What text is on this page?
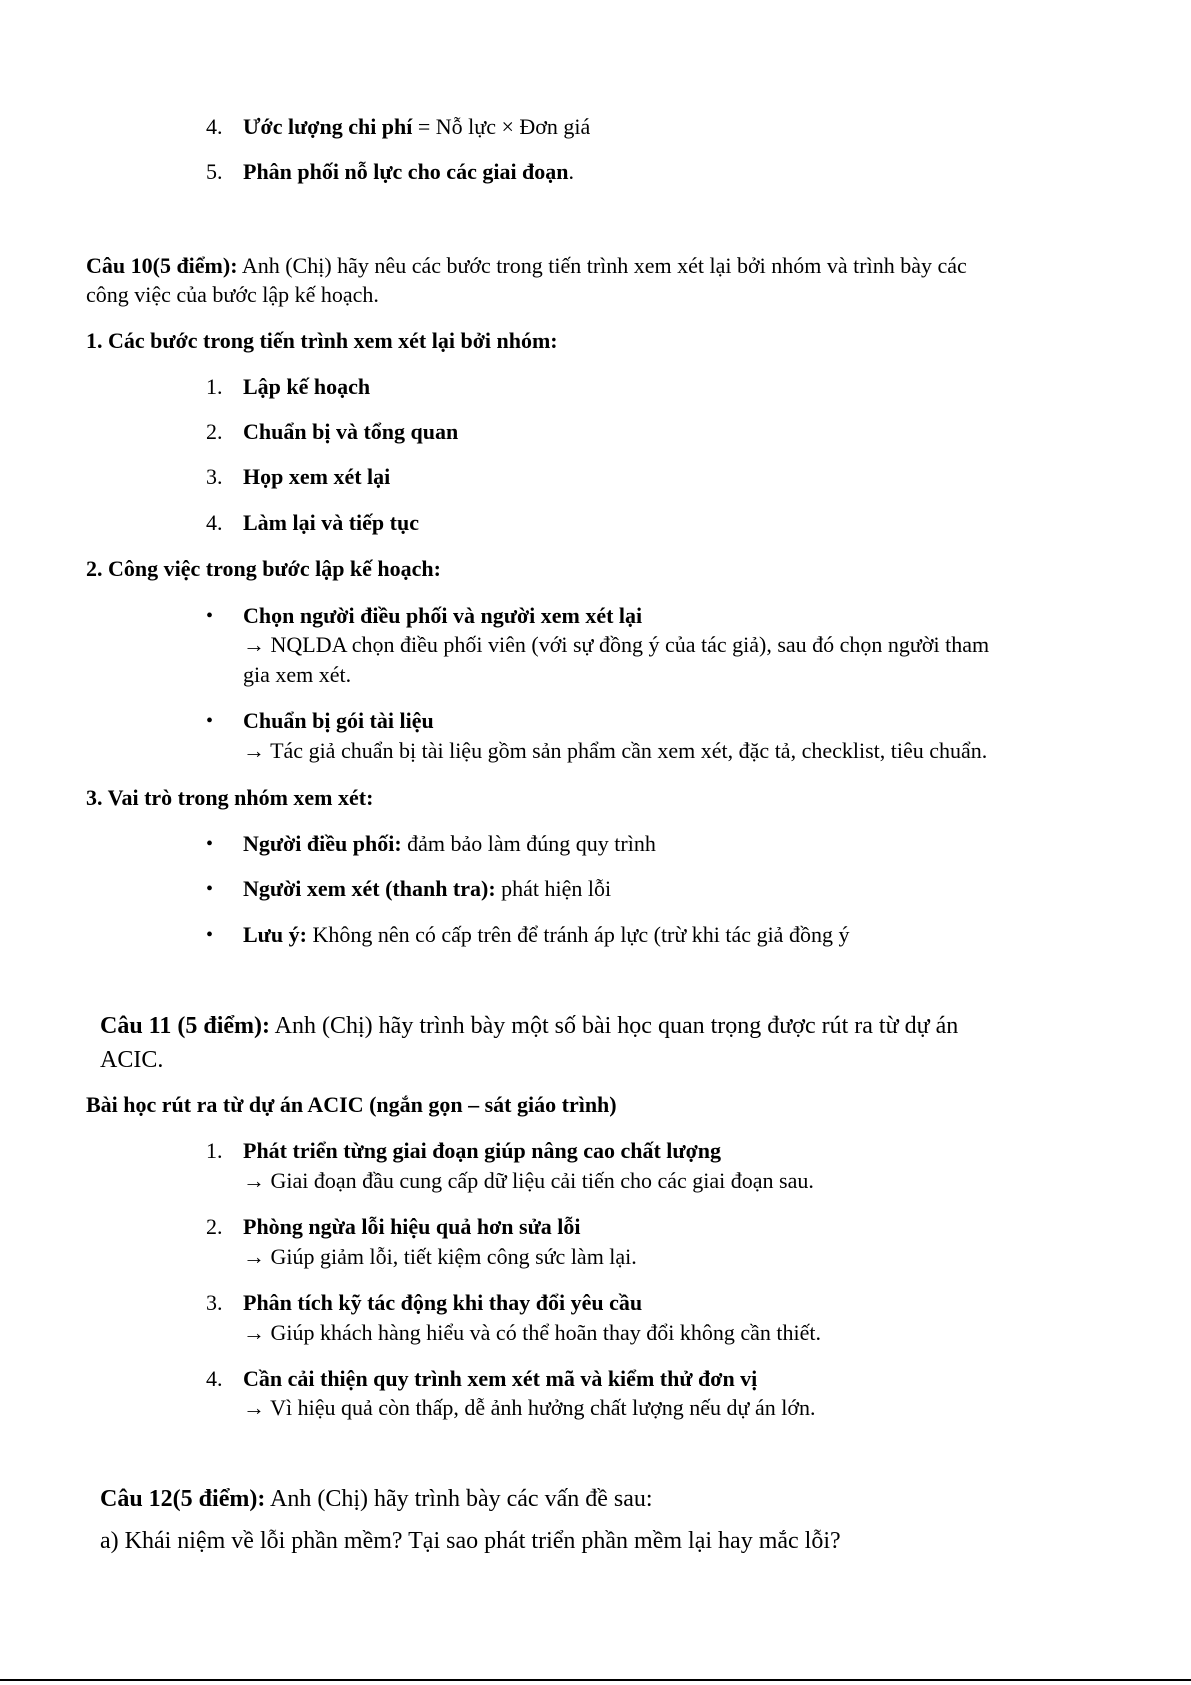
4. Ước lượng chi phí = Nỗ lực × Đơn giá
5. Phân phối nỗ lực cho các giai đoạn.
Câu 10(5 điểm): Anh (Chị) hãy nêu các bước trong tiến trình xem xét lại bởi nhóm và trình bày các
công việc của bước lập kế hoạch.
1. Các bước trong tiến trình xem xét lại bởi nhóm:
1. Lập kế hoạch
2. Chuẩn bị và tổng quan
3. Họp xem xét lại
4. Làm lại và tiếp tục
2. Công việc trong bước lập kế hoạch:
• Chọn người điều phối và người xem xét lại
→ NQLDA chọn điều phối viên (với sự đồng ý của tác giả), sau đó chọn người tham
gia xem xét.
• Chuẩn bị gói tài liệu
→ Tác giả chuẩn bị tài liệu gồm sản phẩm cần xem xét, đặc tả, checklist, tiêu chuẩn.
3. Vai trò trong nhóm xem xét:
• Người điều phối: đảm bảo làm đúng quy trình
• Người xem xét (thanh tra): phát hiện lỗi
• Lưu ý: Không nên có cấp trên để tránh áp lực (trừ khi tác giả đồng ý
Câu 11 (5 điểm): Anh (Chị) hãy trình bày một số bài học quan trọng được rút ra từ dự án
ACIC.
Bài học rút ra từ dự án ACIC (ngắn gọn – sát giáo trình)
1. Phát triển từng giai đoạn giúp nâng cao chất lượng
→ Giai đoạn đầu cung cấp dữ liệu cải tiến cho các giai đoạn sau.
2. Phòng ngừa lỗi hiệu quả hơn sửa lỗi
→ Giúp giảm lỗi, tiết kiệm công sức làm lại.
3. Phân tích kỹ tác động khi thay đổi yêu cầu
→ Giúp khách hàng hiểu và có thể hoãn thay đổi không cần thiết.
4. Cần cải thiện quy trình xem xét mã và kiểm thử đơn vị
→ Vì hiệu quả còn thấp, dễ ảnh hưởng chất lượng nếu dự án lớn.
Câu 12(5 điểm): Anh (Chị) hãy trình bày các vấn đề sau:
a) Khái niệm về lỗi phần mềm? Tại sao phát triển phần mềm lại hay mắc lỗi?
